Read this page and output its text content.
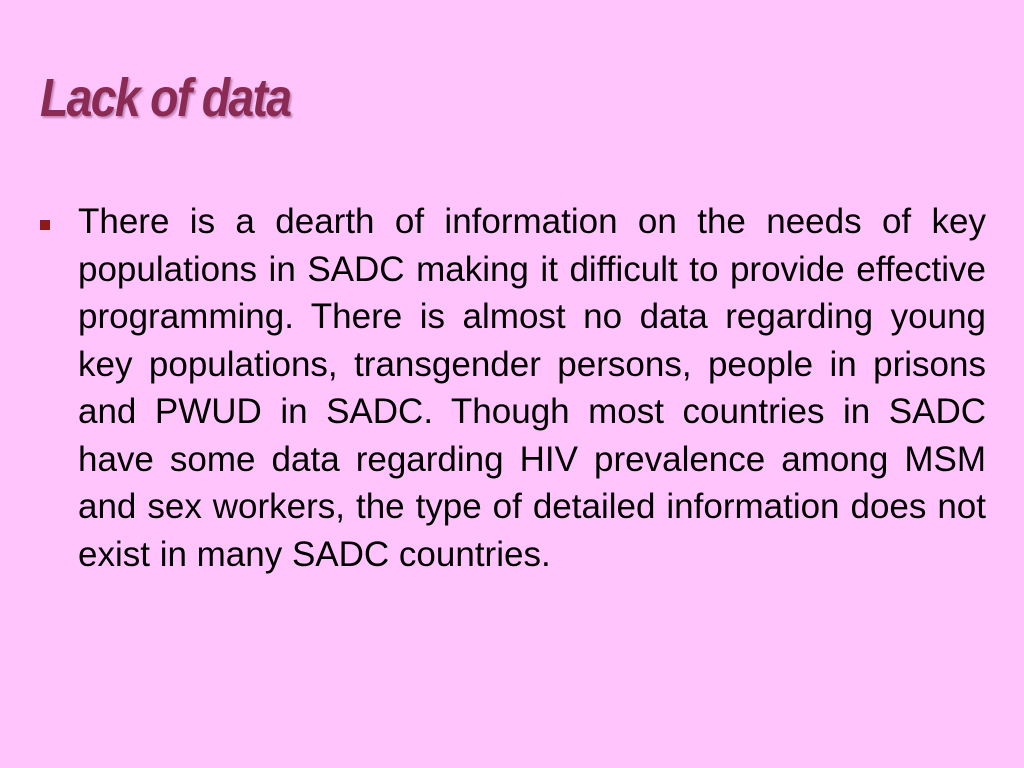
Lack of data
There is a dearth of information on the needs of key populations in SADC making it difficult to provide effective programming. There is almost no data regarding young key populations, transgender persons, people in prisons and PWUD in SADC. Though most countries in SADC have some data regarding HIV prevalence among MSM and sex workers, the type of detailed information does not exist in many SADC countries.
